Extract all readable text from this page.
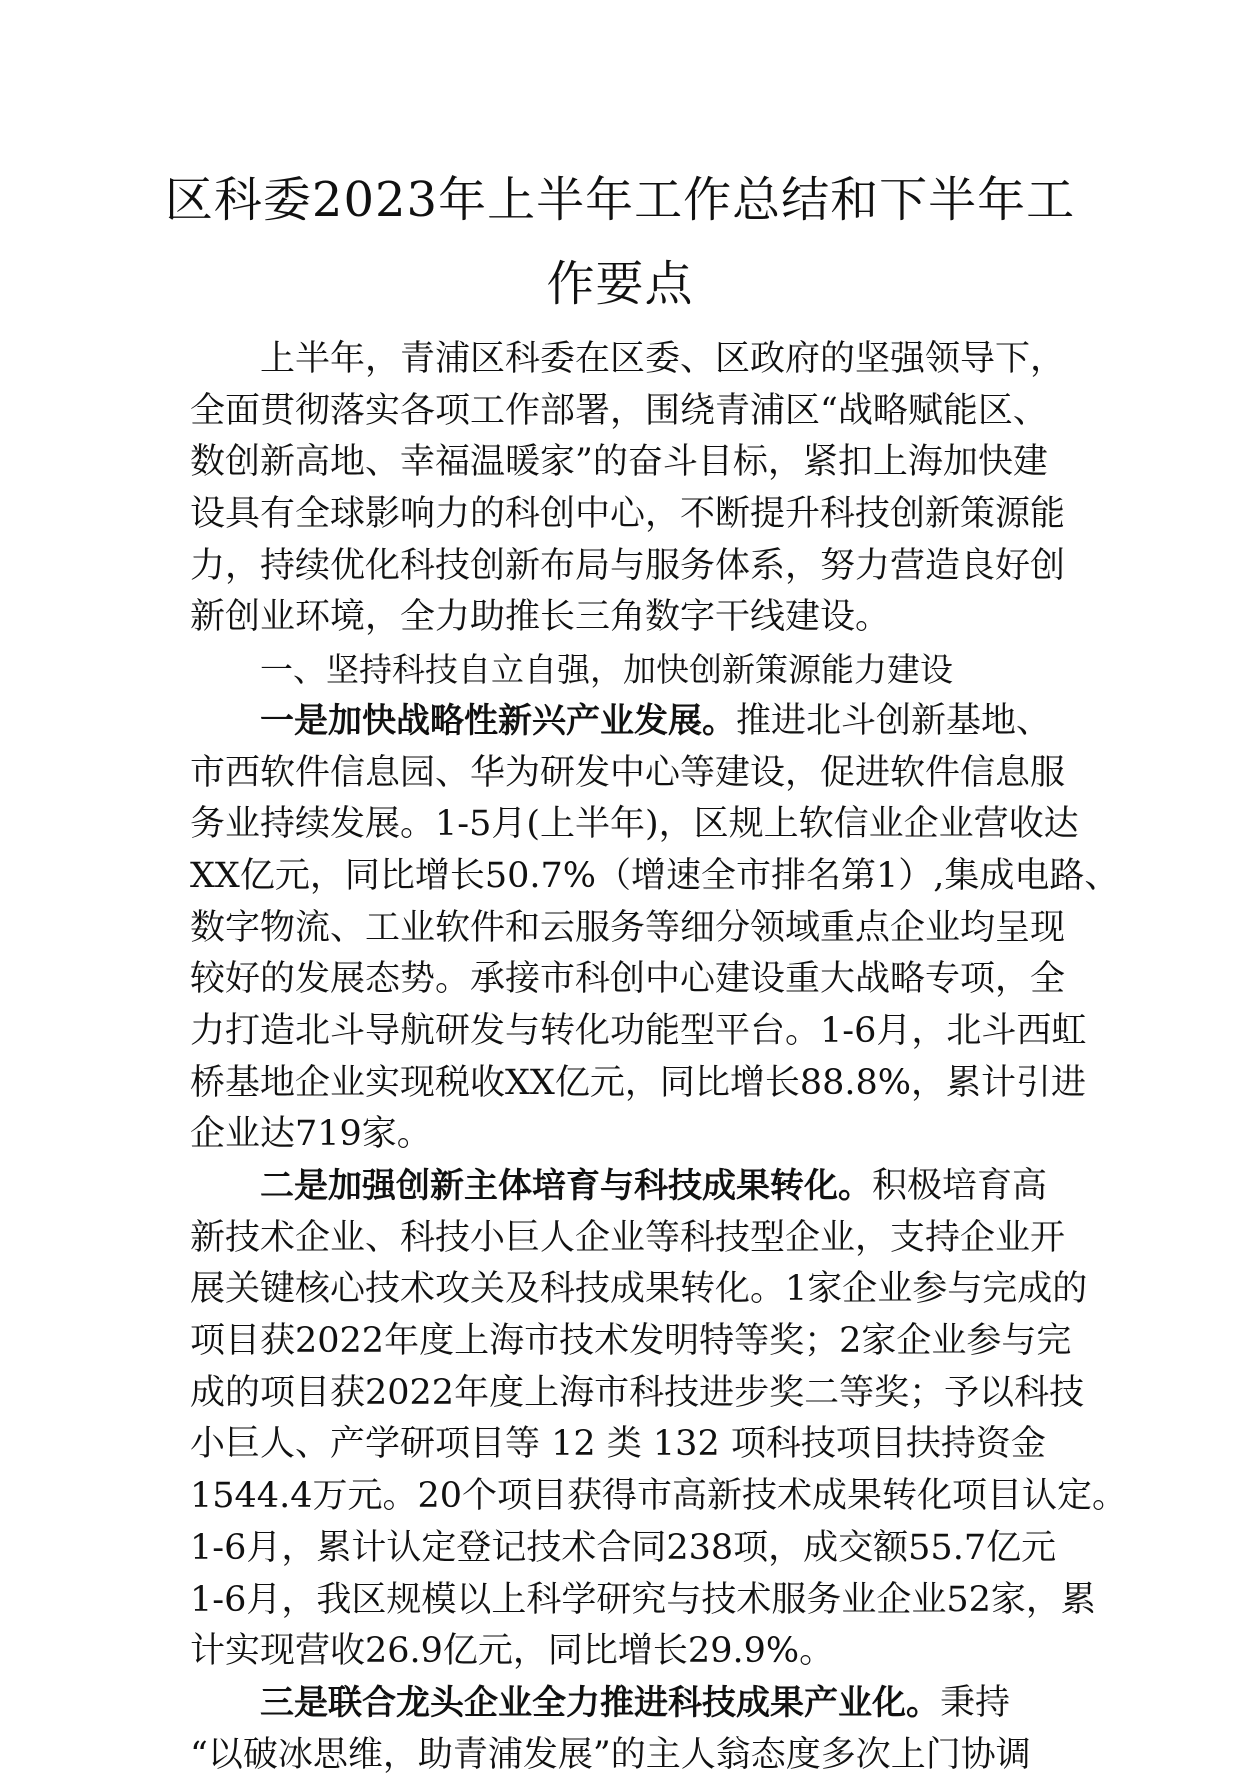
区科委2023年上半年工作总结和下半年工
作要点
上半年，青浦区科委在区委、区政府的坚强领导下，
全面贯彻落实各项工作部署，围绕青浦区“战略赋能区、
数创新高地、幸福温暖家”的奋斗目标，紧扣上海加快建
设具有全球影响力的科创中心，不断提升科技创新策源能
力，持续优化科技创新布局与服务体系，努力营造良好创
新创业环境，全力助推长三角数字干线建设。
一、坚持科技自立自强，加快创新策源能力建设
一是加快战略性新兴产业发展。推进北斗创新基地、
市西软件信息园、华为研发中心等建设，促进软件信息服
务业持续发展。1-5月(上半年)，区规上软信业企业营收达
XX亿元，同比增长50.7%（增速全市排名第1）,集成电路、
数字物流、工业软件和云服务等细分领域重点企业均呈现
较好的发展态势。承接市科创中心建设重大战略专项，全
力打造北斗导航研发与转化功能型平台。1-6月，北斗西虹
桥基地企业实现税收XX亿元，同比增长88.8%，累计引进
企业达719家。
二是加强创新主体培育与科技成果转化。积极培育高
新技术企业、科技小巨人企业等科技型企业，支持企业开
展关键核心技术攻关及科技成果转化。1家企业参与完成的
项目获2022年度上海市技术发明特等奖；2家企业参与完
成的项目获2022年度上海市科技进步奖二等奖；予以科技
小巨人、产学研项目等 12 类 132 项科技项目扶持资金
1544.4万元。20个项目获得市高新技术成果转化项目认定。
1-6月，累计认定登记技术合同238项，成交额55.7亿元
1-6月，我区规模以上科学研究与技术服务业企业52家，累
计实现营收26.9亿元，同比增长29.9%。
三是联合龙头企业全力推进科技成果产业化。秉持
“以破冰思维，助青浦发展”的主人翁态度多次上门协调
